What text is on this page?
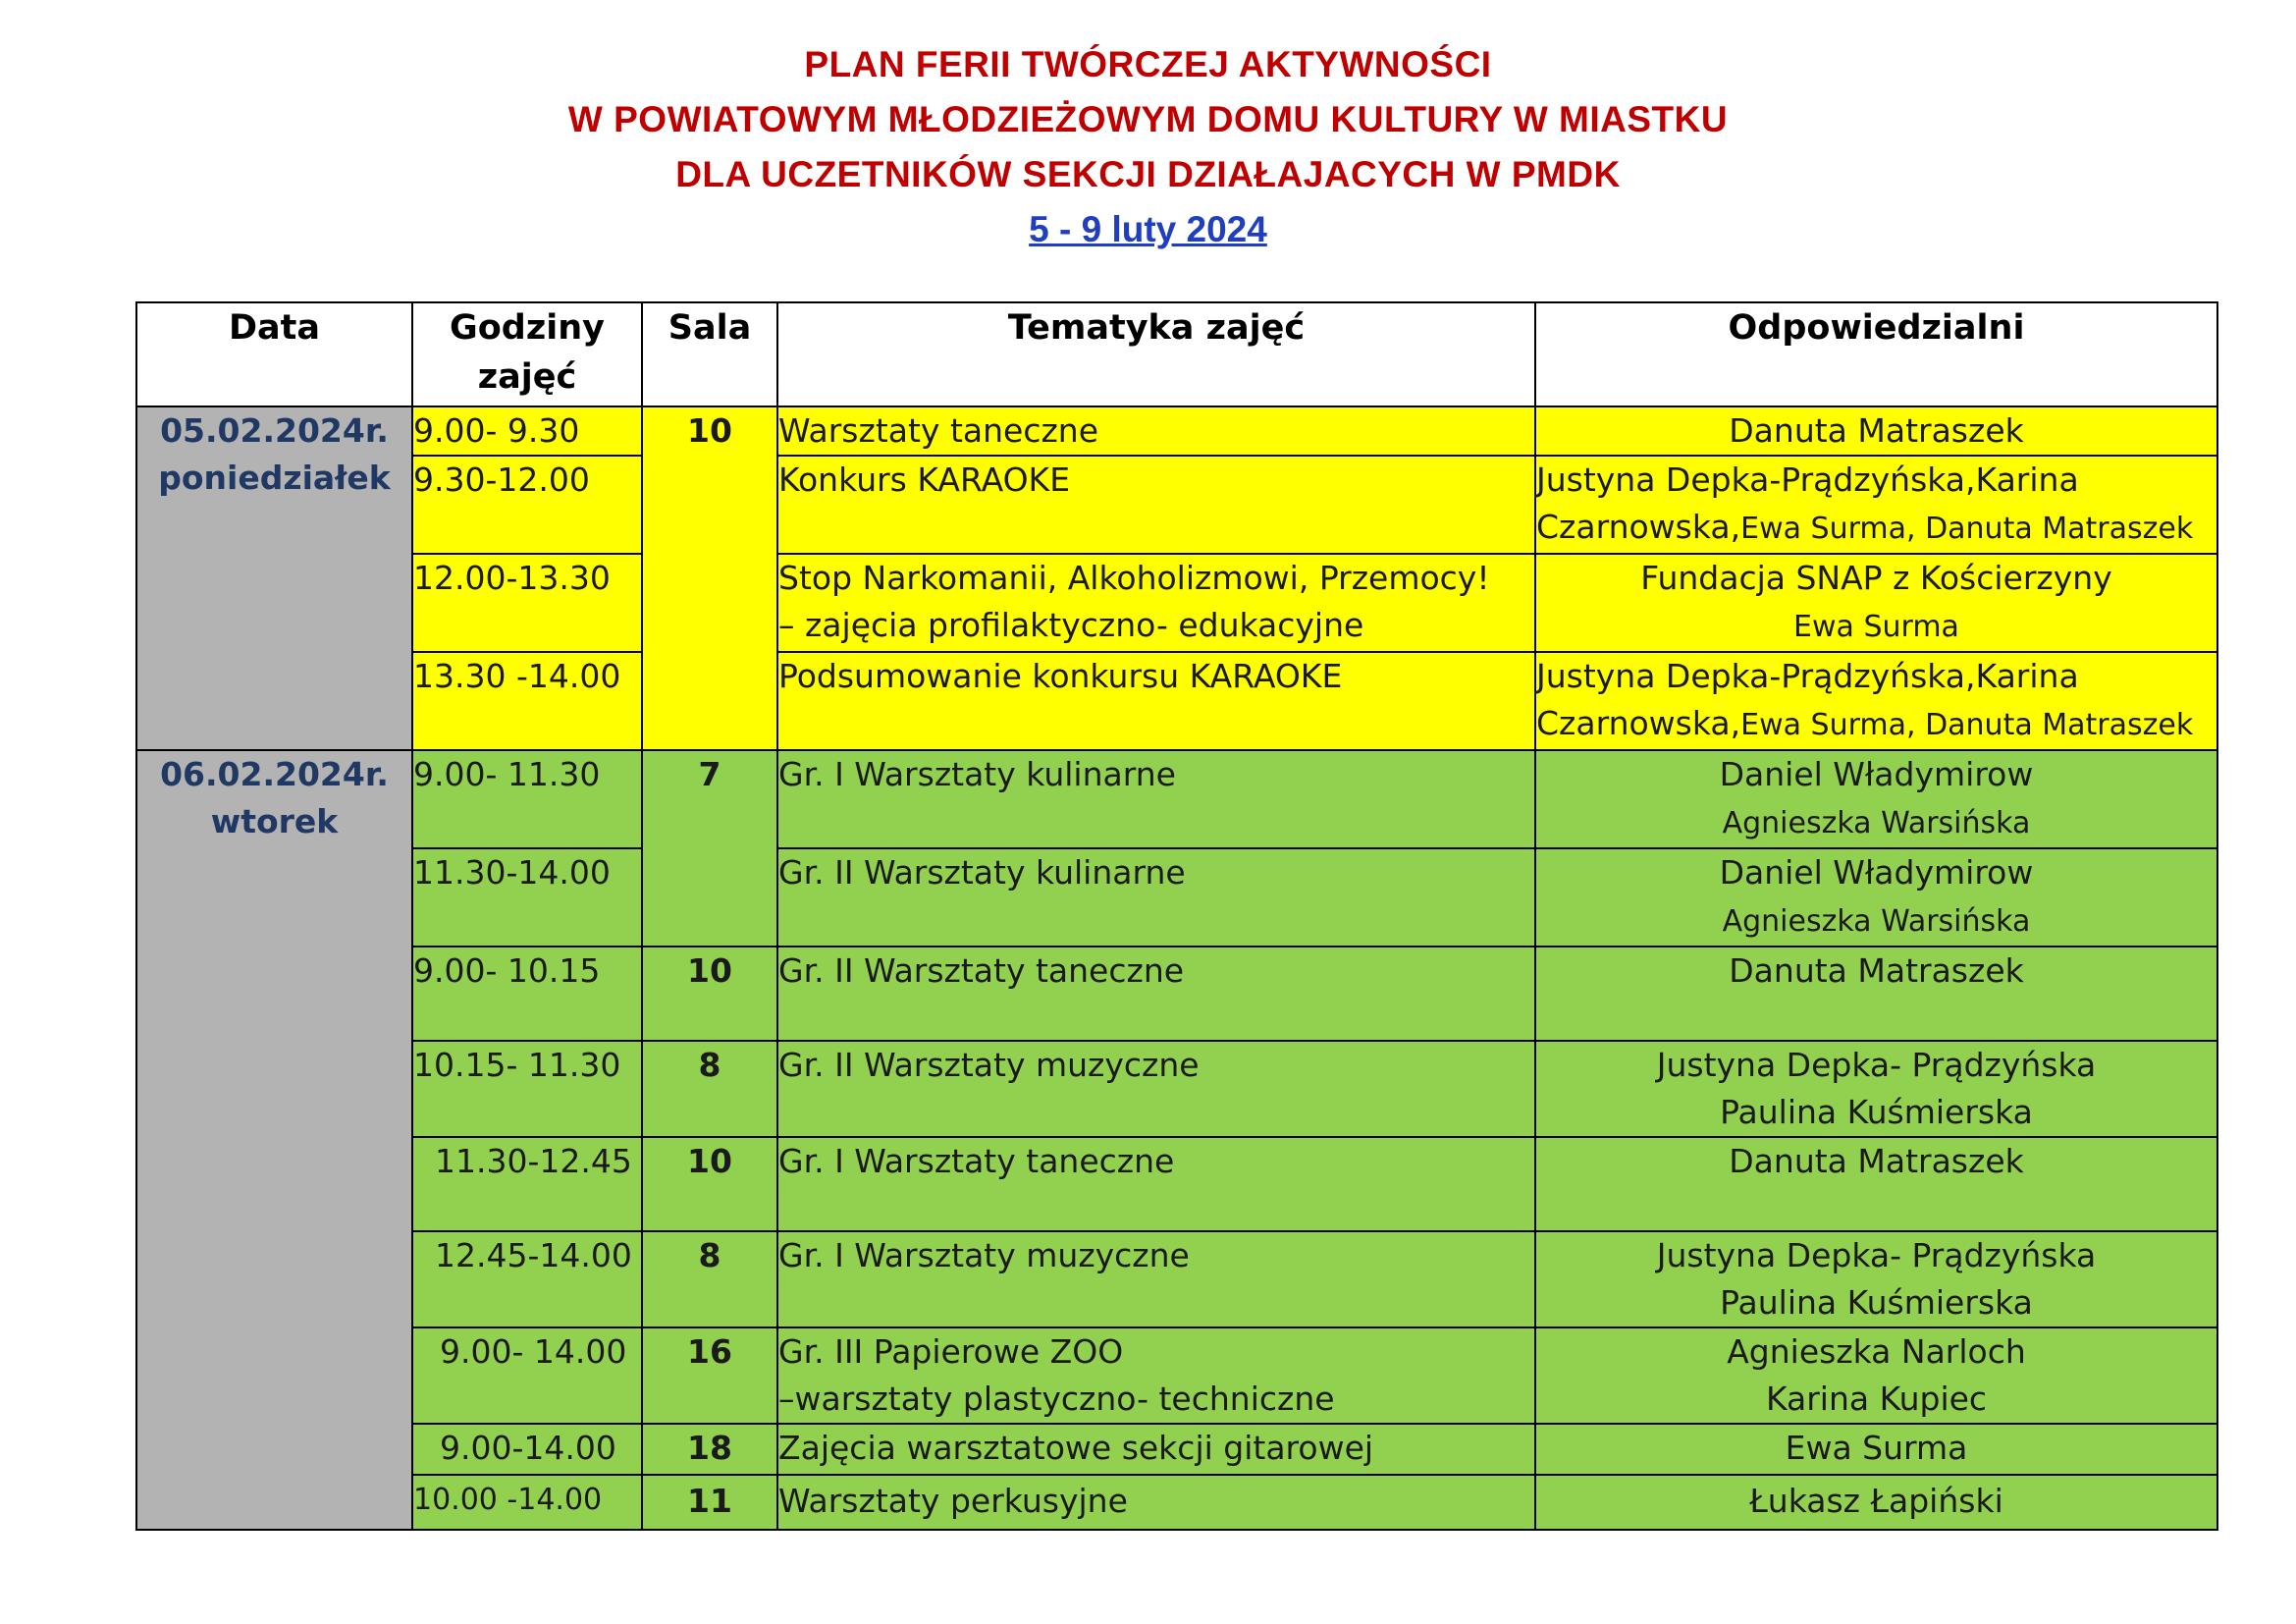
PLAN FERII TWÓRCZEJ AKTYWNOŚCI
W POWIATOWYM MŁODZIEŻOWYM DOMU KULTURY W MIASTKU
DLA UCZETNIKÓW SEKCJI DZIAŁAJACYCH W PMDK
5 - 9 luty 2024
Data	Godziny
zajęć	Sala	Tematyka zajęć	Odpowiedzialni
05.02.2024r.
poniedziałek	9.00- 9.30	10	Warsztaty taneczne	Danuta Matraszek
	9.30-12.00		Konkurs KARAOKE	Justyna Depka-Prądzyńska,Karina
Czarnowska,Ewa Surma, Danuta Matraszek
	12.00-13.30		Stop Narkomanii, Alkoholizmowi, Przemocy!
– zajęcia profilaktyczno- edukacyjne	Fundacja SNAP z Kościerzyny
Ewa Surma
	13.30 -14.00		Podsumowanie konkursu KARAOKE	Justyna Depka-Prądzyńska,Karina
Czarnowska,Ewa Surma, Danuta Matraszek
06.02.2024r.
wtorek	9.00- 11.30	7	Gr. I Warsztaty kulinarne	Daniel Władymirow
Agnieszka Warsińska
	11.30-14.00		Gr. II Warsztaty kulinarne	Daniel Władymirow
Agnieszka Warsińska
	9.00- 10.15	10	Gr. II Warsztaty taneczne	Danuta Matraszek
	10.15- 11.30	8	Gr. II Warsztaty muzyczne	Justyna Depka- Prądzyńska
Paulina Kuśmierska
	11.30-12.45	10	Gr. I Warsztaty taneczne	Danuta Matraszek
	12.45-14.00	8	Gr. I Warsztaty muzyczne	Justyna Depka- Prądzyńska
Paulina Kuśmierska
	9.00- 14.00	16	Gr. III Papierowe ZOO
–warsztaty plastyczno- techniczne	Agnieszka Narloch
Karina Kupiec
	9.00-14.00	18	Zajęcia warsztatowe sekcji gitarowej	Ewa Surma
	10.00 -14.00	11	Warsztaty perkusyjne	Łukasz Łapiński
